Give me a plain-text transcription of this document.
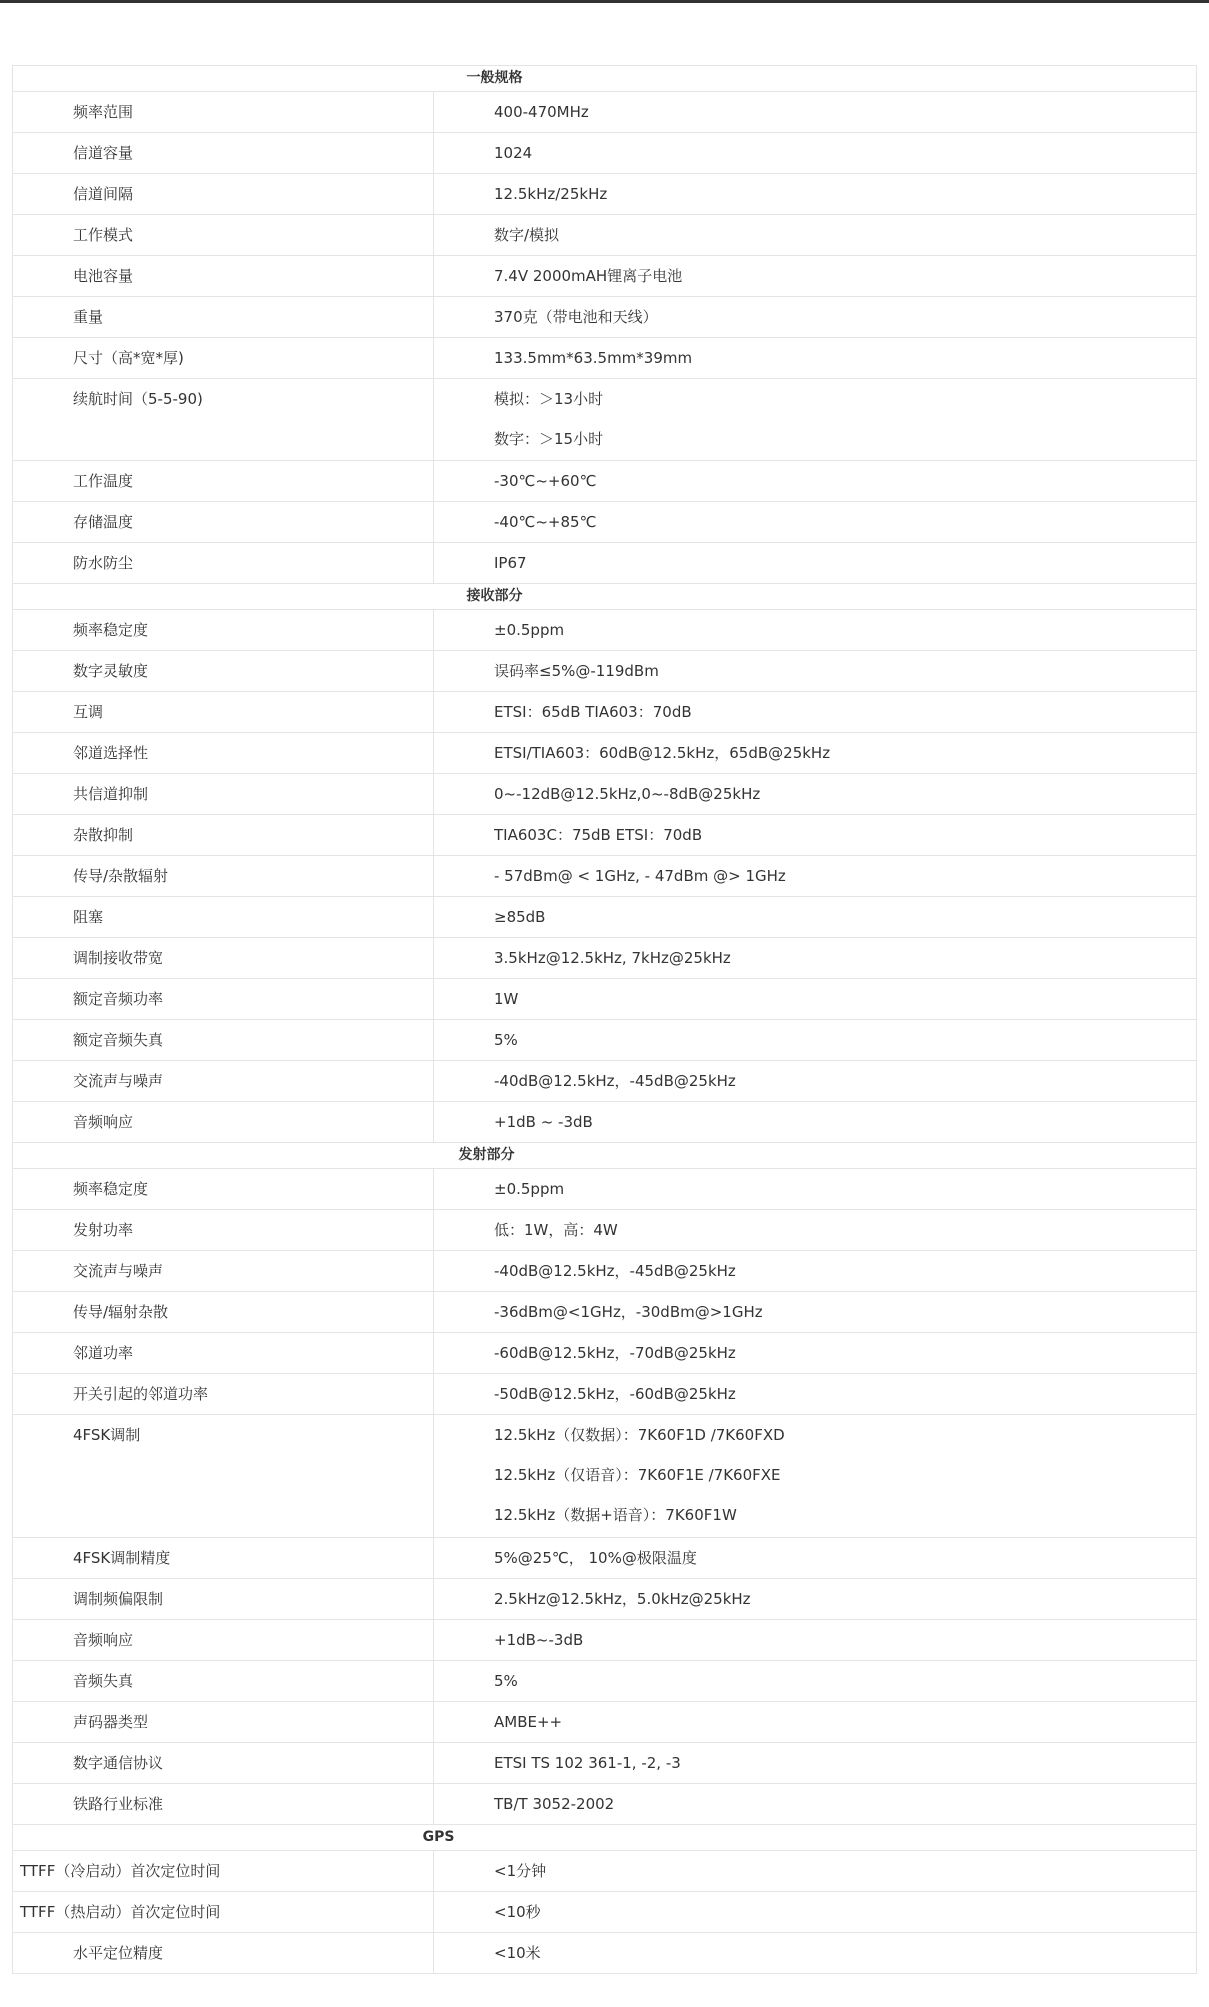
一般规格	
频率范围	400-470MHz

信道容量	1024

信道间隔	12.5kHz/25kHz

工作模式	数字/模拟

电池容量	7.4V 2000mAH锂离子电池

重量	370克（带电池和天线）

尺寸（高*宽*厚)	133.5mm*63.5mm*39mm

续航时间（5-5-90)	模拟：＞13小时
数字：＞15小时

工作温度	-30℃~+60℃

存储温度	-40℃~+85℃

防水防尘	IP67

接收部分	
频率稳定度	±0.5ppm

数字灵敏度	误码率≤5%@-119dBm

互调	ETSI：65dB TIA603：70dB

邻道选择性	ETSI/TIA603：60dB@12.5kHz，65dB@25kHz

共信道抑制	0~-12dB@12.5kHz,0~-8dB@25kHz

杂散抑制	TIA603C：75dB ETSI：70dB

传导/杂散辐射	- 57dBm@ < 1GHz, - 47dBm @> 1GHz

阻塞	≥85dB

调制接收带宽	3.5kHz@12.5kHz, 7kHz@25kHz

额定音频功率	1W

额定音频失真	5%

交流声与噪声	-40dB@12.5kHz，-45dB@25kHz

音频响应	+1dB ~ -3dB

发射部分	
频率稳定度	±0.5ppm

发射功率	低：1W，高：4W

交流声与噪声	-40dB@12.5kHz，-45dB@25kHz

传导/辐射杂散	-36dBm@<1GHz，-30dBm@>1GHz

邻道功率	-60dB@12.5kHz，-70dB@25kHz

开关引起的邻道功率	-50dB@12.5kHz，-60dB@25kHz

4FSK调制	12.5kHz（仅数据）：7K60F1D /7K60FXD
12.5kHz（仅语音）：7K60F1E /7K60FXE
12.5kHz（数据+语音）：7K60F1W

4FSK调制精度	5%@25℃， 10%@极限温度

调制频偏限制	2.5kHz@12.5kHz，5.0kHz@25kHz

音频响应	+1dB~-3dB

音频失真	5%

声码器类型	AMBE++

数字通信协议	ETSI TS 102 361-1, -2, -3

铁路行业标准	TB/T 3052-2002

GPS	
TTFF（冷启动）首次定位时间	<1分钟

TTFF（热启动）首次定位时间	<10秒

水平定位精度	<10米
